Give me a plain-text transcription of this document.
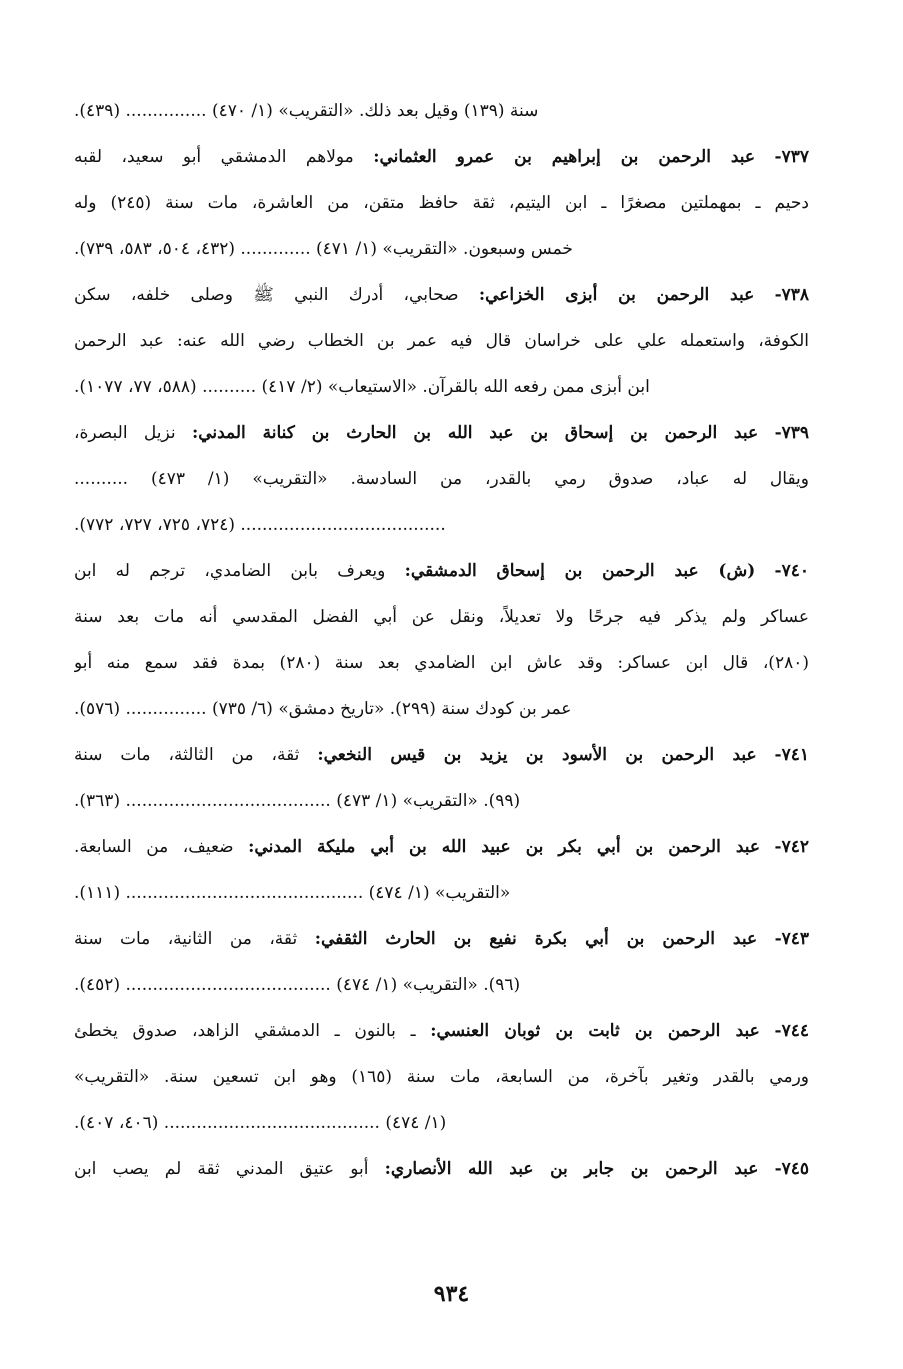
سنة (١٣٩) وقيل بعد ذلك. «التقريب» (١/ ٤٧٠) ............... (٤٣٩).
٧٣٧- عبد الرحمن بن إبراهيم بن عمرو العثماني: مولاهم الدمشقي أبو سعيد، لقبه
دحيم ـ بمهملتين مصغرًا ـ ابن اليتيم، ثقة حافظ متقن، من العاشرة، مات سنة (٢٤٥) وله
خمس وسبعون. «التقريب» (١/ ٤٧١) ............. (٤٣٢، ٥٠٤، ٥٨٣، ٧٣٩).
٧٣٨- عبد الرحمن بن أبزى الخزاعي: صحابي، أدرك النبي ﷺ وصلى خلفه، سكن
الكوفة، واستعمله علي على خراسان قال فيه عمر بن الخطاب رضي الله عنه: عبد الرحمن
ابن أبزى ممن رفعه الله بالقرآن. «الاستيعاب» (٢/ ٤١٧) .......... (٥٨٨، ٧٧، ١٠٧٧).
٧٣٩- عبد الرحمن بن إسحاق بن عبد الله بن الحارث بن كنانة المدني: نزيل البصرة،
ويقال له عباد، صدوق رمي بالقدر، من السادسة. «التقريب» (١/ ٤٧٣) ..........
...................................... (٧٢٤، ٧٢٥، ٧٢٧، ٧٧٢).
٧٤٠- (ش) عبد الرحمن بن إسحاق الدمشقي: ويعرف بابن الضامدي، ترجم له ابن
عساكر ولم يذكر فيه جرحًا ولا تعديلاً، ونقل عن أبي الفضل المقدسي أنه مات بعد سنة
(٢٨٠)، قال ابن عساكر: وقد عاش ابن الضامدي بعد سنة (٢٨٠) بمدة فقد سمع منه أبو
عمر بن كودك سنة (٢٩٩). «تاريخ دمشق» (٦/ ٧٣٥) ............... (٥٧٦).
٧٤١- عبد الرحمن بن الأسود بن يزيد بن قيس النخعي: ثقة، من الثالثة، مات سنة
(٩٩). «التقريب» (١/ ٤٧٣) ...................................... (٣٦٣).
٧٤٢- عبد الرحمن بن أبي بكر بن عبيد الله بن أبي مليكة المدني: ضعيف، من السابعة.
«التقريب» (١/ ٤٧٤) ............................................ (١١١).
٧٤٣- عبد الرحمن بن أبي بكرة نفيع بن الحارث الثقفي: ثقة، من الثانية، مات سنة
(٩٦). «التقريب» (١/ ٤٧٤) ...................................... (٤٥٢).
٧٤٤- عبد الرحمن بن ثابت بن ثوبان العنسي: ـ بالنون ـ الدمشقي الزاهد، صدوق يخطئ
ورمي بالقدر وتغير بآخرة، من السابعة، مات سنة (١٦٥) وهو ابن تسعين سنة. «التقريب»
(١/ ٤٧٤) ........................................ (٤٠٦، ٤٠٧).
٧٤٥- عبد الرحمن بن جابر بن عبد الله الأنصاري: أبو عتيق المدني ثقة لم يصب ابن
٩٣٤
